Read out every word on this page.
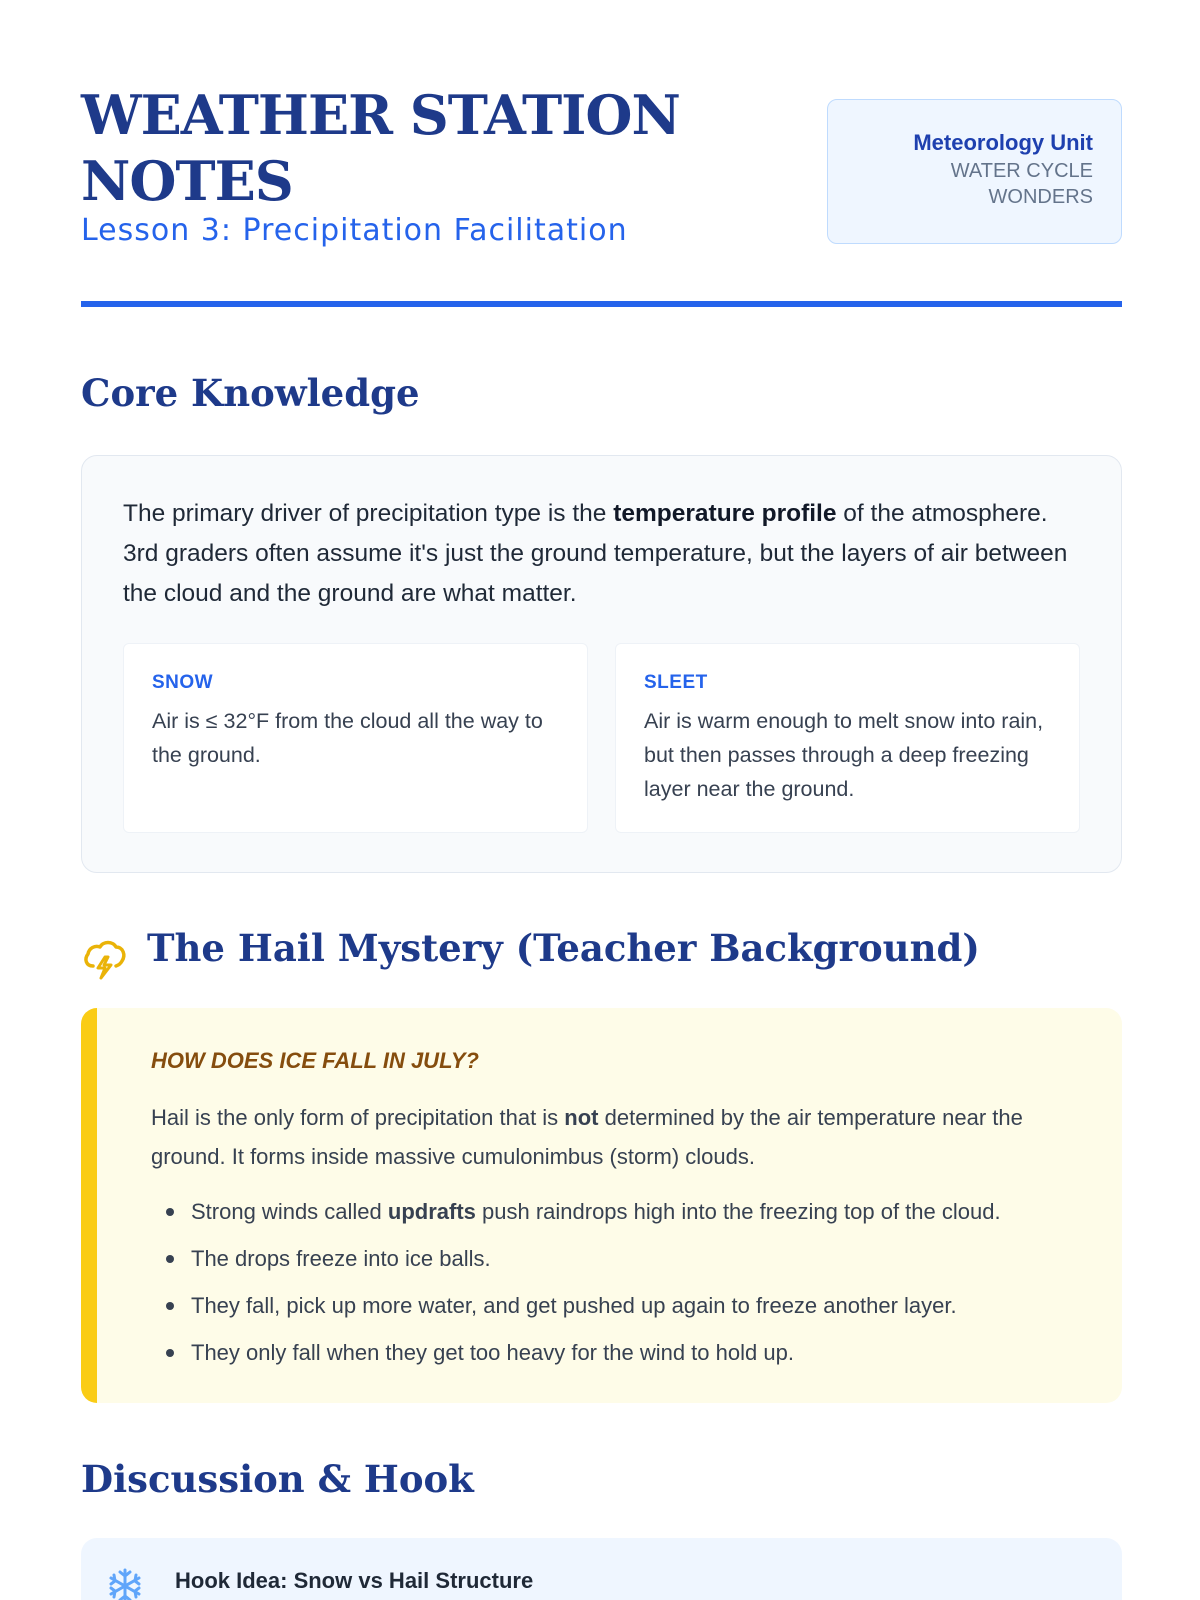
WEATHER STATION
NOTES
Lesson 3: Precipitation Facilitation
Meteorology Unit
WATER CYCLE
WONDERS
Core Knowledge

The primary driver of precipitation type is the temperature profile of the atmosphere. 3rd graders often assume it's just the ground temperature, but the layers of air between the cloud and the ground are what matter.

SNOW
Air is ≤ 32°F from the cloud all the way to the ground.
SLEET
Air is warm enough to melt snow into rain, but then passes through a deep freezing layer near the ground.
The Hail Mystery (Teacher Background)
HOW DOES ICE FALL IN JULY?

Hail is the only form of precipitation that is not determined by the air temperature near the ground. It forms inside massive cumulonimbus (storm) clouds.

Strong winds called updrafts push raindrops high into the freezing top of the cloud.
The drops freeze into ice balls.
They fall, pick up more water, and get pushed up again to freeze another layer.
They only fall when they get too heavy for the wind to hold up.
Discussion & Hook
Hook Idea: Snow vs Hail Structure
